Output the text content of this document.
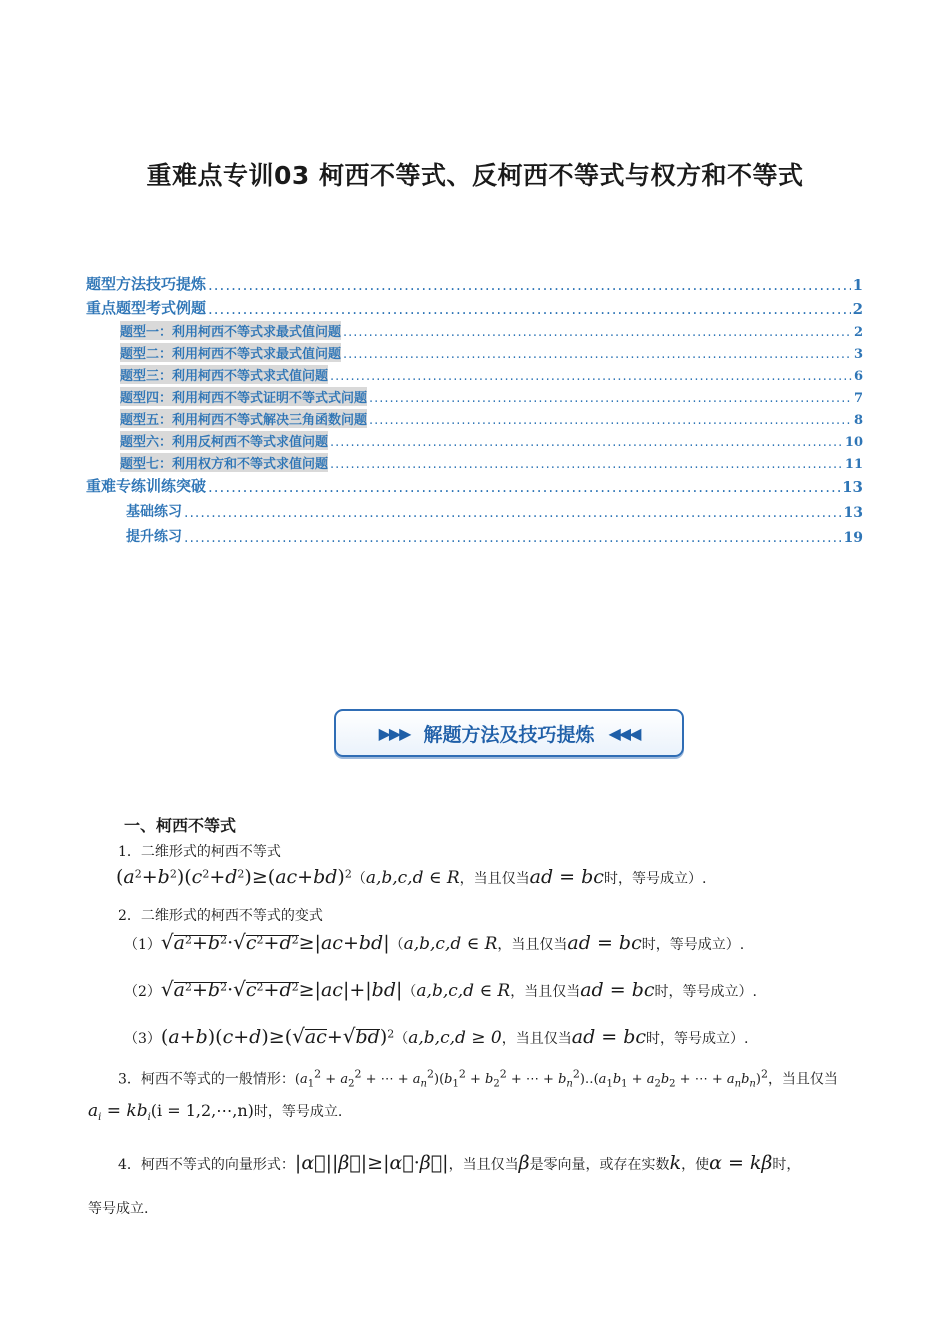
重难点专训03 柯西不等式、反柯西不等式与权方和不等式
题型方法技巧提炼 .....	1
重点题型考式例题 .....	2
题型一：利用柯西不等式求最式值问题 .....	2
题型二：利用柯西不等式求最式值问题 .....	3
题型三：利用柯西不等式求式值问题 .....	6
题型四：利用柯西不等式证明不等式式问题 .....	7
题型五：利用柯西不等式解决三角函数问题 .....	8
题型六：利用反柯西不等式求值问题 .....	10
题型七：利用权方和不等式求值问题 .....	11
重难专练训练突破 .....	13
基础练习 .....	13
提升练习 .....	19
▶▶▶ 解题方法及技巧提炼 ◀◀◀
一、柯西不等式
1．二维形式的柯西不等式
$(a^2+b^2)(c^2+d^2)\ge(ac+bd)^2(a,b,c,d$ ∈ R，当且仅当ad = bc时，等号成立）.
2．二维形式的柯西不等式的变式
$(1)√a^2+b^2\cdot√c^2+d^2\ge|ac+bd|(a,b,c,d$ ∈ R，当且仅当ad = bc时，等号成立）.
$(2)√a^2+b^2\cdot√c^2+d^2\ge|ac|+|bd|(a,b,c,d$ ∈ R，当且仅当ad = bc时，等号成立）.
$(3)(a+b)(c+d)\ge(√ac+√bd)^2(a,b,c,d \ge 0$，当且仅当ad = bc时，等号成立）.
3．柯西不等式的一般情形：($a_1^2 + a_2^2$ + ⋯ + $a_n^2)(b_1^2 + b_2^2$ + ⋯ + $b_n^2)‥(a_1b_1 + a_2b_2$ + ⋯ + $a_nb_n)^2$，当且仅当
$a_i = kb_i(i$ = 1,2,⋯,n)时，等号成立.
4．柯西不等式的向量形式：|α⃗||β⃗|≥|α⃗·β⃗|，当且仅当β是零向量，或存在实数k，使α = kβ时，
等号成立.
